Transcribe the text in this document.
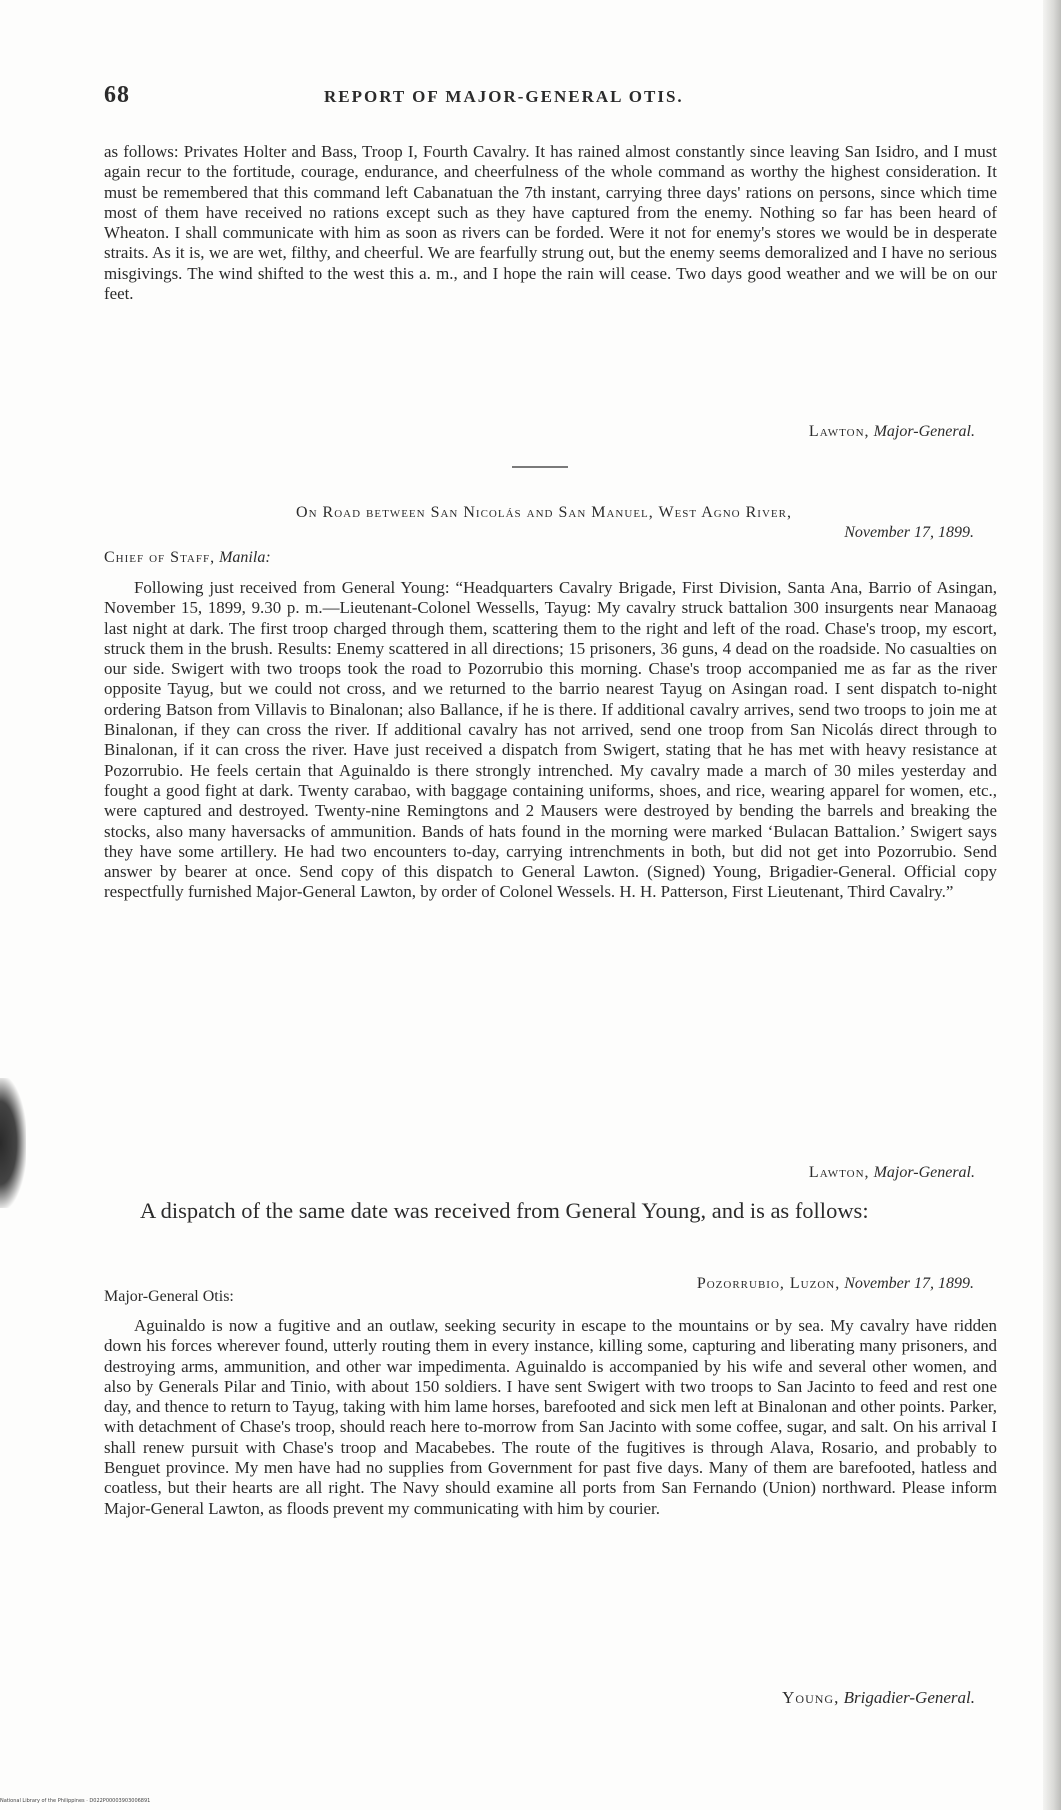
68	REPORT OF MAJOR-GENERAL OTIS.
as follows: Privates Holter and Bass, Troop I, Fourth Cavalry. It has rained almost constantly since leaving San Isidro, and I must again recur to the fortitude, courage, endurance, and cheerfulness of the whole command as worthy the highest consideration. It must be remembered that this command left Cabanatuan the 7th instant, carrying three days' rations on persons, since which time most of them have received no rations except such as they have captured from the enemy. Nothing so far has been heard of Wheaton. I shall communicate with him as soon as rivers can be forded. Were it not for enemy's stores we would be in desperate straits. As it is, we are wet, filthy, and cheerful. We are fearfully strung out, but the enemy seems demoralized and I have no serious misgivings. The wind shifted to the west this a. m., and I hope the rain will cease. Two days good weather and we will be on our feet.
Lawton, Major-General.
On Road between San Nicolás and San Manuel, West Agno River,
November 17, 1899.
Chief of Staff, Manila:
Following just received from General Young: “Headquarters Cavalry Brigade, First Division, Santa Ana, Barrio of Asingan, November 15, 1899, 9.30 p. m.—Lieutenant-Colonel Wessells, Tayug: My cavalry struck battalion 300 insurgents near Manaoag last night at dark. The first troop charged through them, scattering them to the right and left of the road. Chase's troop, my escort, struck them in the brush. Results: Enemy scattered in all directions; 15 prisoners, 36 guns, 4 dead on the roadside. No casualties on our side. Swigert with two troops took the road to Pozorrubio this morning. Chase's troop accompanied me as far as the river opposite Tayug, but we could not cross, and we returned to the barrio nearest Tayug on Asingan road. I sent dispatch to-night ordering Batson from Villavis to Binalonan; also Ballance, if he is there. If additional cavalry arrives, send two troops to join me at Binalonan, if they can cross the river. If additional cavalry has not arrived, send one troop from San Nicolás direct through to Binalonan, if it can cross the river. Have just received a dispatch from Swigert, stating that he has met with heavy resistance at Pozorrubio. He feels certain that Aguinaldo is there strongly intrenched. My cavalry made a march of 30 miles yesterday and fought a good fight at dark. Twenty carabao, with baggage containing uniforms, shoes, and rice, wearing apparel for women, etc., were captured and destroyed. Twenty-nine Remingtons and 2 Mausers were destroyed by bending the barrels and breaking the stocks, also many haversacks of ammunition. Bands of hats found in the morning were marked ‘Bulacan Battalion.’ Swigert says they have some artillery. He had two encounters to-day, carrying intrenchments in both, but did not get into Pozorrubio. Send answer by bearer at once. Send copy of this dispatch to General Lawton. (Signed) Young, Brigadier-General. Official copy respectfully furnished Major-General Lawton, by order of Colonel Wessels. H. H. Patterson, First Lieutenant, Third Cavalry.”
Lawton, Major-General.
A dispatch of the same date was received from General Young, and is as follows:
Pozorrubio, Luzon, November 17, 1899.
Major-General Otis:
Aguinaldo is now a fugitive and an outlaw, seeking security in escape to the mountains or by sea. My cavalry have ridden down his forces wherever found, utterly routing them in every instance, killing some, capturing and liberating many prisoners, and destroying arms, ammunition, and other war impedimenta. Aguinaldo is accompanied by his wife and several other women, and also by Generals Pilar and Tinio, with about 150 soldiers. I have sent Swigert with two troops to San Jacinto to feed and rest one day, and thence to return to Tayug, taking with him lame horses, barefooted and sick men left at Binalonan and other points. Parker, with detachment of Chase's troop, should reach here to-morrow from San Jacinto with some coffee, sugar, and salt. On his arrival I shall renew pursuit with Chase's troop and Macabebes. The route of the fugitives is through Alava, Rosario, and probably to Benguet province. My men have had no supplies from Government for past five days. Many of them are barefooted, hatless and coatless, but their hearts are all right. The Navy should examine all ports from San Fernando (Union) northward. Please inform Major-General Lawton, as floods prevent my communicating with him by courier.
Young, Brigadier-General.
National Library of the Philippines · D022P00003903006891
